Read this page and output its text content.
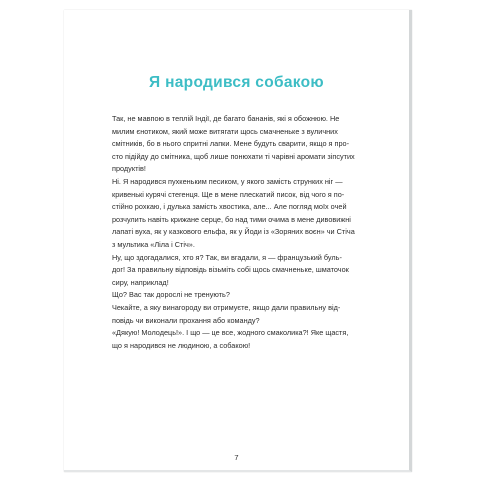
Я народився собакою

Так, не мавпою в теплій Індії, де багато бананів, які я обожнюю. Не
милим єнотиком, який може витягати щось смачненьке з вуличних
смітників, бо в нього спритні лапки. Мене будуть сварити, якщо я про-
сто підійду до смітника, щоб лише понюхати ті чарівні аромати зіпсутих
продуктів!

Ні. Я народився пухкеньким песиком, у якого замість стрункиx ніг —
кривенькі курячі стегенця. Ще в мене плескатий писок, від чого я по-
стійно рохкаю, і дулька замість хвостика, але... Але погляд моїх очей
розчулить навіть крижане серце, бо над тими очима в мене дивовижні
лапаті вуха, як у казкового ельфа, як у Йоди із «Зоряних воєн» чи Стіча
з мультика «Ліла і Стіч».

Ну, що здогадалися, хто я? Так, ви вгадали, я — французький буль-
дог! За правильну відповідь візьміть собі щось смачненьке, шматочок
сиру, наприклад!

Щo? Вас так дорослі не тренують?

Чекайте, а яку винагороду ви отримуєте, якщо дали правильну від-
повідь чи виконали прохання або команду?

«Дякую! Молодець!». І що — це все, жодного смаколика?! Яке щастя,
що я народився не людиною, а собакою!

7
